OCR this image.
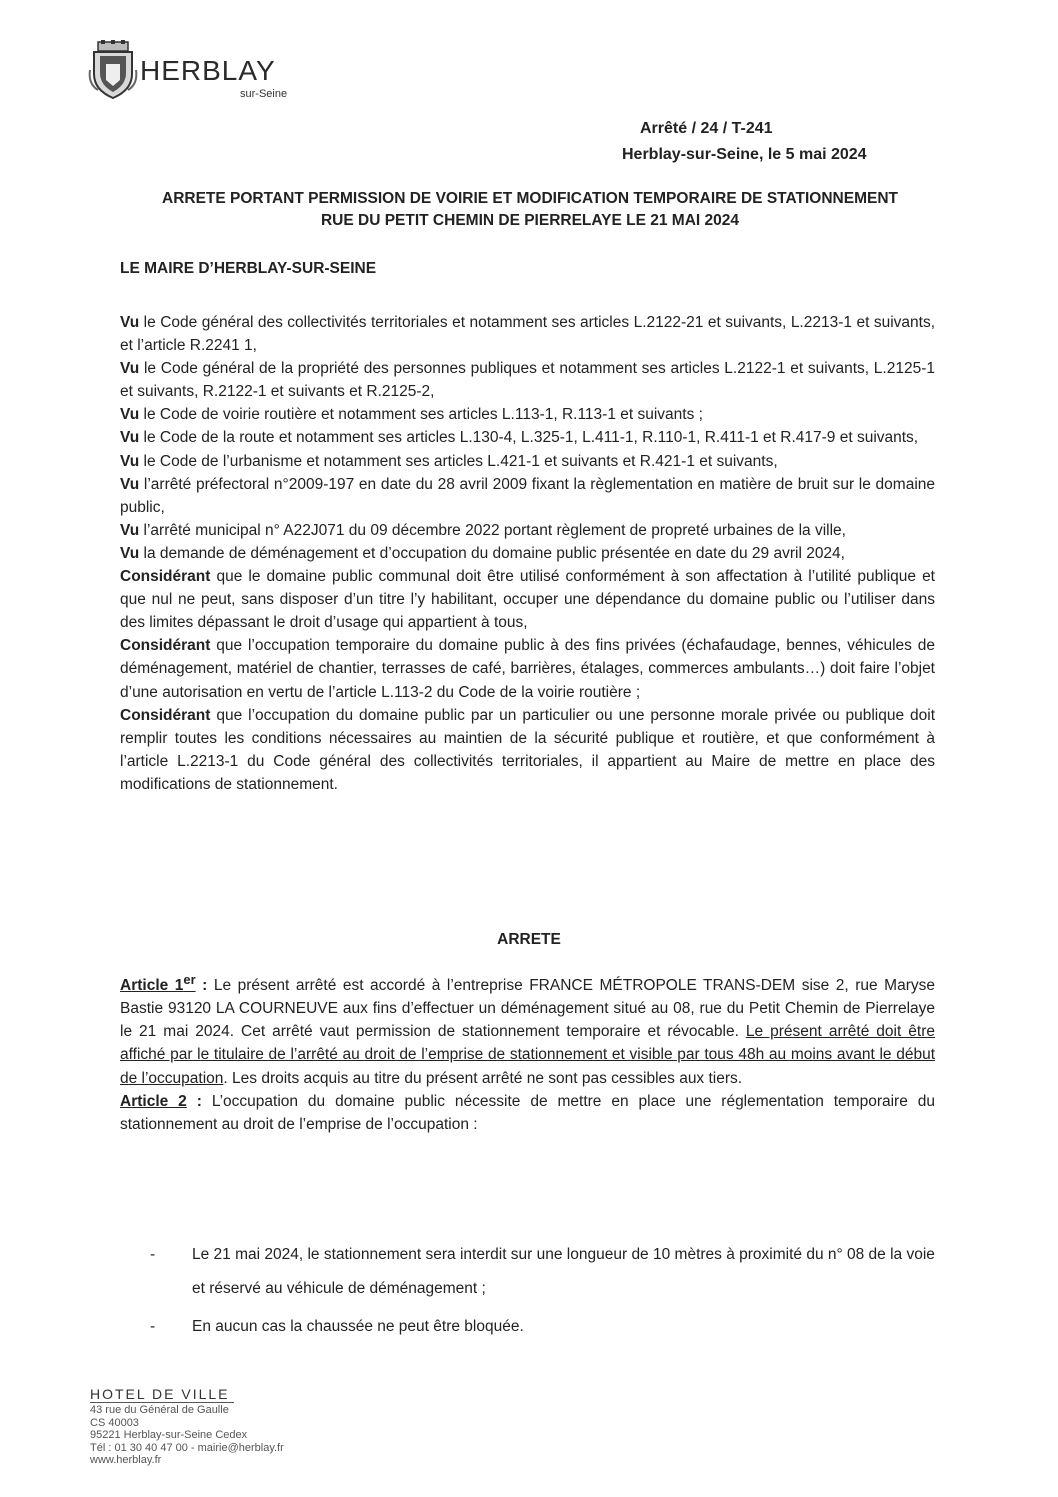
HERBLAY
sur-Seine
Arrêté / 24 / T-241
Herblay-sur-Seine, le 5 mai 2024
ARRETE PORTANT PERMISSION DE VOIRIE ET MODIFICATION TEMPORAIRE DE STATIONNEMENT
RUE DU PETIT CHEMIN DE PIERRELAYE LE 21 MAI 2024
LE MAIRE D’HERBLAY-SUR-SEINE

Vu le Code général des collectivités territoriales et notamment ses articles L.2122-21 et suivants, L.2213-1 et suivants, et l’article R.2241 1,

Vu le Code général de la propriété des personnes publiques et notamment ses articles L.2122-1 et suivants, L.2125-1 et suivants, R.2122-1 et suivants et R.2125-2,

Vu le Code de voirie routière et notamment ses articles L.113-1, R.113-1 et suivants ;

Vu le Code de la route et notamment ses articles L.130-4, L.325-1, L.411-1, R.110-1, R.411-1 et R.417-9 et suivants,

Vu le Code de l’urbanisme et notamment ses articles L.421-1 et suivants et R.421-1 et suivants,

Vu l’arrêté préfectoral n°2009-197 en date du 28 avril 2009 fixant la règlementation en matière de bruit sur le domaine public,

Vu l’arrêté municipal n° A22J071 du 09 décembre 2022 portant règlement de propreté urbaines de la ville,

Vu la demande de déménagement et d’occupation du domaine public présentée en date du 29 avril 2024,

Considérant que le domaine public communal doit être utilisé conformément à son affectation à l’utilité publique et que nul ne peut, sans disposer d’un titre l’y habilitant, occuper une dépendance du domaine public ou l’utiliser dans des limites dépassant le droit d’usage qui appartient à tous,

Considérant que l’occupation temporaire du domaine public à des fins privées (échafaudage, bennes, véhicules de déménagement, matériel de chantier, terrasses de café, barrières, étalages, commerces ambulants…) doit faire l’objet d’une autorisation en vertu de l’article L.113-2 du Code de la voirie routière ;

Considérant que l’occupation du domaine public par un particulier ou une personne morale privée ou publique doit remplir toutes les conditions nécessaires au maintien de la sécurité publique et routière, et que conformément à l’article L.2213-1 du Code général des collectivités territoriales, il appartient au Maire de mettre en place des modifications de stationnement.

ARRETE

Article 1er : Le présent arrêté est accordé à l’entreprise FRANCE MÉTROPOLE TRANS-DEM sise 2, rue Maryse Bastie 93120 LA COURNEUVE aux fins d’effectuer un déménagement situé au 08, rue du Petit Chemin de Pierrelaye le 21 mai 2024. Cet arrêté vaut permission de stationnement temporaire et révocable. Le présent arrêté doit être affiché par le titulaire de l’arrêté au droit de l’emprise de stationnement et visible par tous 48h au moins avant le début de l’occupation. Les droits acquis au titre du présent arrêté ne sont pas cessibles aux tiers.

Article 2 : L’occupation du domaine public nécessite de mettre en place une réglementation temporaire du stationnement au droit de l’emprise de l’occupation :

- Le 21 mai 2024, le stationnement sera interdit sur une longueur de 10 mètres à proximité du n° 08 de la voie et réservé au véhicule de déménagement ;
- En aucun cas la chaussée ne peut être bloquée.
HOTEL DE VILLE
43 rue du Général de Gaulle
CS 40003
95221 Herblay-sur-Seine Cedex
Tél : 01 30 40 47 00 - mairie@herblay.fr
www.herblay.fr
